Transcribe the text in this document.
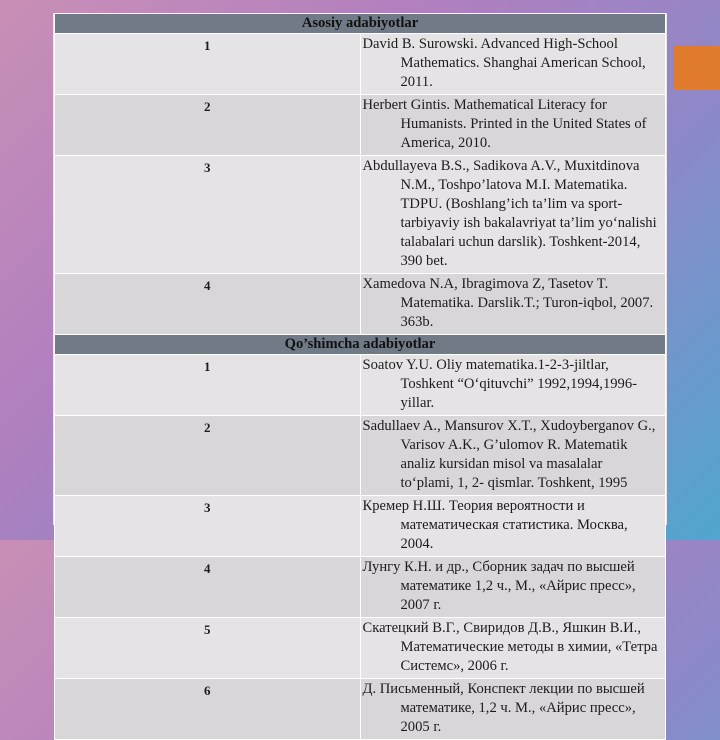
Asosiy adabiyotlar	
1	David B. Surowski. Advanced High-School Mathematics. Shanghai American School, 2011.

2	Herbert Gintis. Mathematical Literacy for Humanists. Printed in the United States of America, 2010.

3	Abdullayeva B.S., Sadikova A.V., Muxitdinova N.M., Toshpo’latova M.I. Matematika. TDPU. (Boshlang’ich ta’lim va sport-tarbiyaviy ish bakalavriyat ta’lim yo‘nalishi talabalari uchun darslik). Toshkent-2014, 390 bet.

4	Xamedova N.A, Ibragimova Z, Tasetov T. Matematika. Darslik.T.; Turon-iqbol, 2007. 363b.

Qo’shimcha adabiyotlar	
1	Soatov Y.U. Oliy matematika.1-2-3-jiltlar, Toshkent “O‘qituvchi” 1992,1994,1996-yillar.

2	Sadullaev A., Mansurov X.T., Xudoyberganov G., Varisov A.K., G’ulomov R. Matematik analiz kursidan misol va masalalar to‘plami, 1, 2- qismlar. Toshkent, 1995

3	Кремер Н.Ш. Теория вероятности и математическая статистика. Москва, 2004.

4	Лунгу К.Н. и др., Сборник задач по высшей математике 1,2 ч., М., «Айрис пресс», 2007 г.

5	Скатецкий В.Г., Свиридов Д.В., Яшкин В.И., Математические методы в химии, «Тетра Системс», 2006 г.

6	Д. Письменный, Конспект лекции по высшей математике, 1,2 ч. М., «Айрис пресс», 2005 г.
